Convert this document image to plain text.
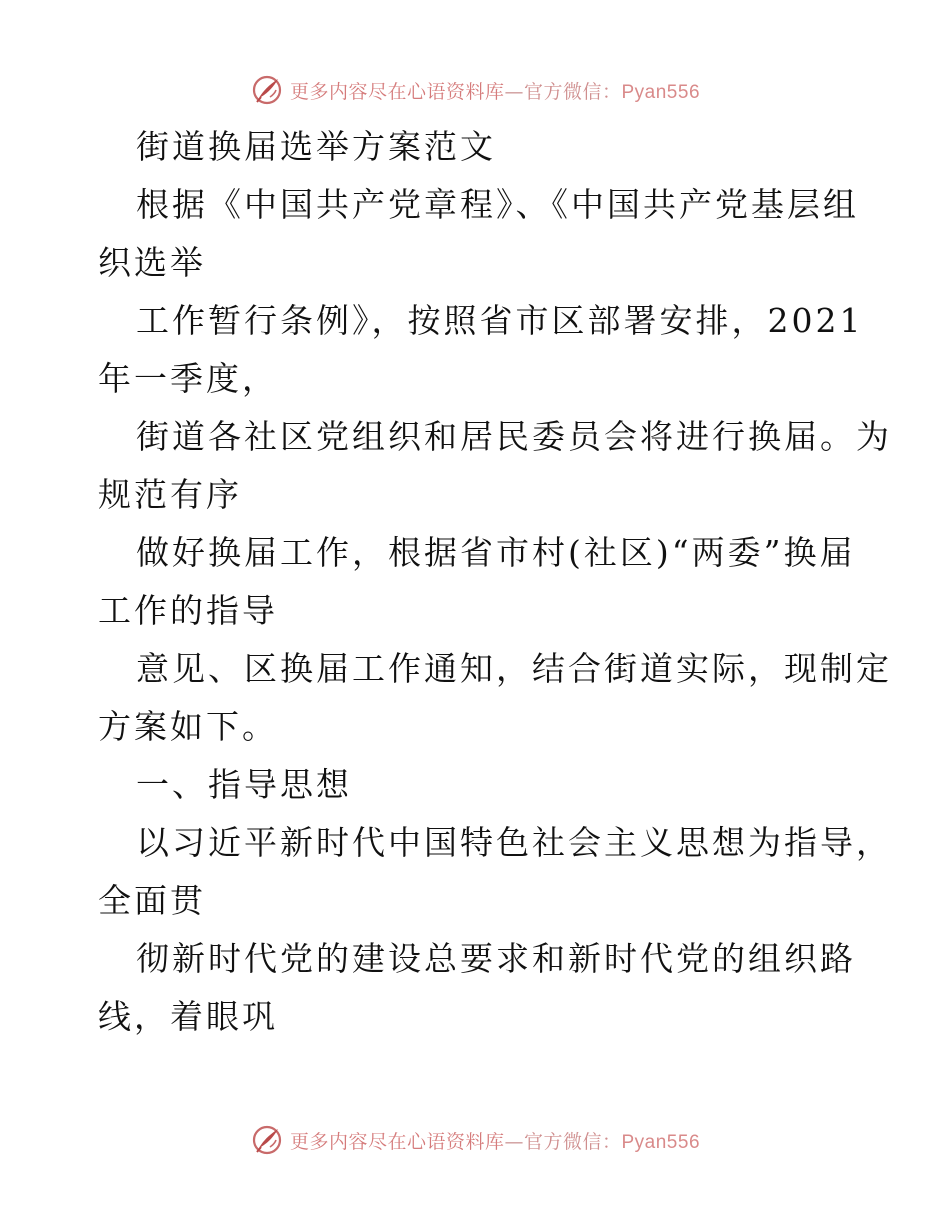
更多内容尽在心语资料库—官方微信：Pyan556
街道换届选举方案范文
根据《中国共产党章程》、《中国共产党基层组
织选举
工作暂行条例》，按照省市区部署安排，2021
年一季度，
街道各社区党组织和居民委员会将进行换届。为
规范有序
做好换届工作，根据省市村(社区)“两委”换届
工作的指导
意见、区换届工作通知，结合街道实际，现制定
方案如下。
一、指导思想
以习近平新时代中国特色社会主义思想为指导，
全面贯
彻新时代党的建设总要求和新时代党的组织路
线，着眼巩
更多内容尽在心语资料库—官方微信：Pyan556
